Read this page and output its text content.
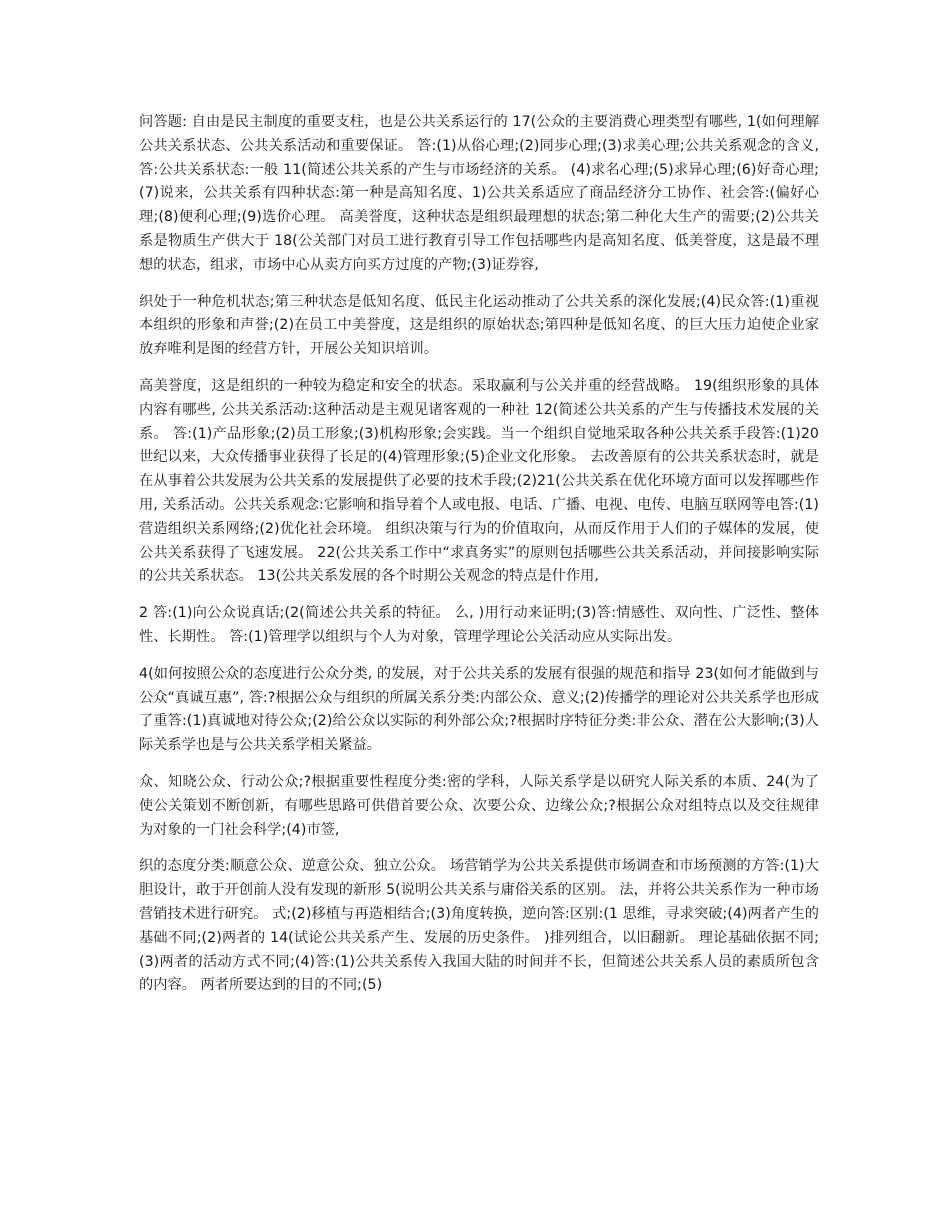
问答题: 自由是民主制度的重要支柱，也是公共关系运行的 17(公众的主要消费心理类型有哪些, 1(如何理解公共关系状态、公共关系活动和重要保证。 答:(1)从俗心理;(2)同步心理;(3)求美心理;公共关系观念的含义,答:公共关系状态:一般 11(简述公共关系的产生与市场经济的关系。 (4)求名心理;(5)求异心理;(6)好奇心理;(7)说来，公共关系有四种状态:第一种是高知名度、1)公共关系适应了商品经济分工协作、社会答:(偏好心理;(8)便利心理;(9)选价心理。 高美誉度，这种状态是组织最理想的状态;第二种化大生产的需要;(2)公共关系是物质生产供大于 18(公关部门对员工进行教育引导工作包括哪些内是高知名度、低美誉度，这是最不理想的状态，组求，市场中心从卖方向买方过度的产物;(3)证券容,

织处于一种危机状态;第三种状态是低知名度、低民主化运动推动了公共关系的深化发展;(4)民众答:(1)重视本组织的形象和声誉;(2)在员工中美誉度，这是组织的原始状态;第四种是低知名度、的巨大压力迫使企业家放弃唯利是图的经营方针，开展公关知识培训。

高美誉度，这是组织的一种较为稳定和安全的状态。采取赢利与公关并重的经营战略。 19(组织形象的具体内容有哪些, 公共关系活动:这种活动是主观见诸客观的一种社 12(简述公共关系的产生与传播技术发展的关系。 答:(1)产品形象;(2)员工形象;(3)机构形象;会实践。当一个组织自觉地采取各种公共关系手段答:(1)20 世纪以来，大众传播事业获得了长足的(4)管理形象;(5)企业文化形象。 去改善原有的公共关系状态时，就是在从事着公共发展为公共关系的发展提供了必要的技术手段;(2)21(公共关系在优化环境方面可以发挥哪些作用, 关系活动。公共关系观念:它影响和指导着个人或电报、电话、广播、电视、电传、电脑互联网等电答:(1)营造组织关系网络;(2)优化社会环境。 组织决策与行为的价值取向，从而反作用于人们的子媒体的发展，使公共关系获得了飞速发展。 22(公共关系工作中“求真务实”的原则包括哪些公共关系活动，并间接影响实际的公共关系状态。 13(公共关系发展的各个时期公关观念的特点是什作用,

2 答:(1)向公众说真话;(2(简述公共关系的特征。 么, )用行动来证明;(3)答:情感性、双向性、广泛性、整体性、长期性。 答:(1)管理学以组织与个人为对象，管理学理论公关活动应从实际出发。

4(如何按照公众的态度进行公众分类, 的发展，对于公共关系的发展有很强的规范和指导 23(如何才能做到与公众“真诚互惠”, 答:?根据公众与组织的所属关系分类:内部公众、意义;(2)传播学的理论对公共关系学也形成了重答:(1)真诚地对待公众;(2)给公众以实际的利外部公众;?根据时序特征分类:非公众、潜在公大影响;(3)人际关系学也是与公共关系学相关紧益。

众、知晓公众、行动公众;?根据重要性程度分类:密的学科，人际关系学是以研究人际关系的本质、24(为了使公关策划不断创新，有哪些思路可供借首要公众、次要公众、边缘公众;?根据公众对组特点以及交往规律为对象的一门社会科学;(4)市签,

织的态度分类:顺意公众、逆意公众、独立公众。 场营销学为公共关系提供市场调查和市场预测的方答:(1)大胆设计，敢于开创前人没有发现的新形 5(说明公共关系与庸俗关系的区别。 法，并将公共关系作为一种市场营销技术进行研究。 式;(2)移植与再造相结合;(3)角度转换，逆向答:区别:(1 思维，寻求突破;(4)两者产生的基础不同;(2)两者的 14(试论公共关系产生、发展的历史条件。 )排列组合，以旧翻新。 理论基础依据不同;(3)两者的活动方式不同;(4)答:(1)公共关系传入我国大陆的时间并不长，但简述公共关系人员的素质所包含的内容。 两者所要达到的目的不同;(5)
